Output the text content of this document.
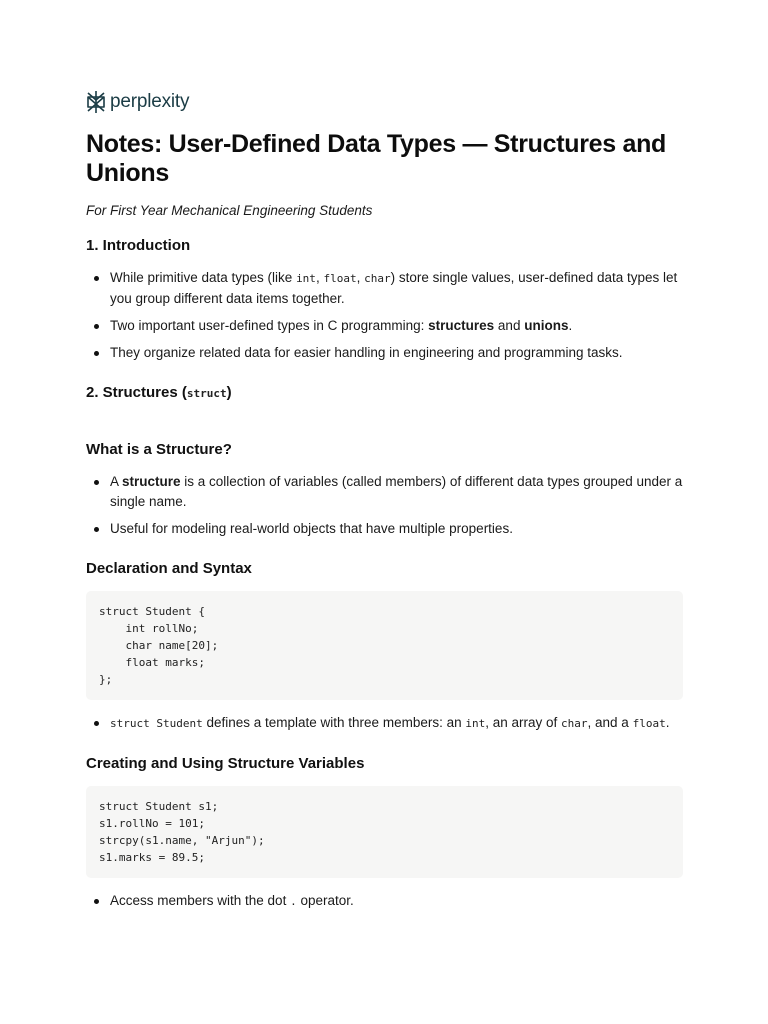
perplexity
Notes: User-Defined Data Types — Structures and Unions

For First Year Mechanical Engineering Students

1. Introduction
While primitive data types (like int, float, char) store single values, user-defined data types let you group different data items together.
Two important user-defined types in C programming: structures and unions.
They organize related data for easier handling in engineering and programming tasks.
2. Structures (struct)
What is a Structure?
A structure is a collection of variables (called members) of different data types grouped under a single name.
Useful for modeling real-world objects that have multiple properties.
Declaration and Syntax
struct Student {
int rollNo;
char name[20];
float marks;
};
struct Student defines a template with three members: an int, an array of char, and a float.
Creating and Using Structure Variables
struct Student s1;
s1.rollNo = 101;
strcpy(s1.name, "Arjun");
s1.marks = 89.5;
Access members with the dot . operator.
